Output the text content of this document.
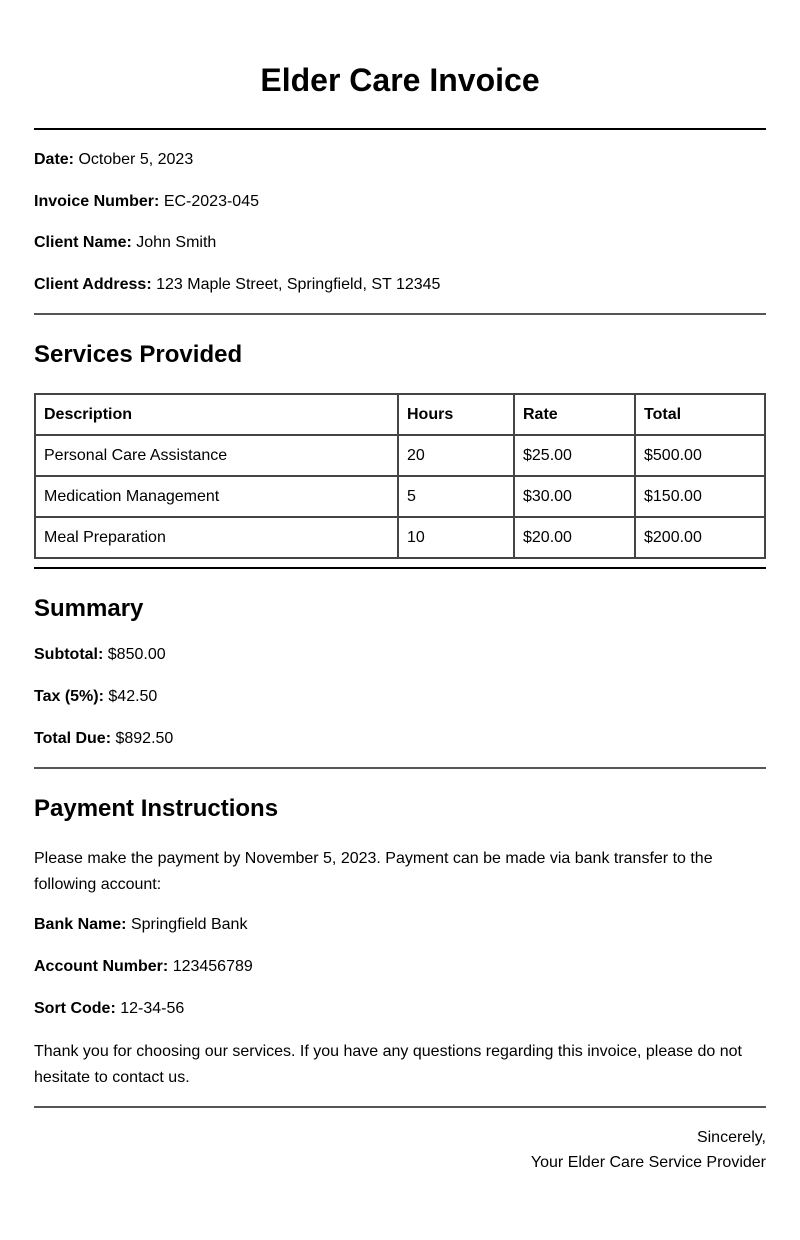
Elder Care Invoice

Date: October 5, 2023

Invoice Number: EC-2023-045

Client Name: John Smith

Client Address: 123 Maple Street, Springfield, ST 12345

Services Provided
Description	Hours	Rate	Total
Personal Care Assistance	20	$25.00	$500.00
Medication Management	5	$30.00	$150.00
Meal Preparation	10	$20.00	$200.00
Summary

Subtotal: $850.00

Tax (5%): $42.50

Total Due: $892.50

Payment Instructions

Please make the payment by November 5, 2023. Payment can be made via bank transfer to the following account:

Bank Name: Springfield Bank

Account Number: 123456789

Sort Code: 12-34-56

Thank you for choosing our services. If you have any questions regarding this invoice, please do not hesitate to contact us.

Sincerely,
Your Elder Care Service Provider
